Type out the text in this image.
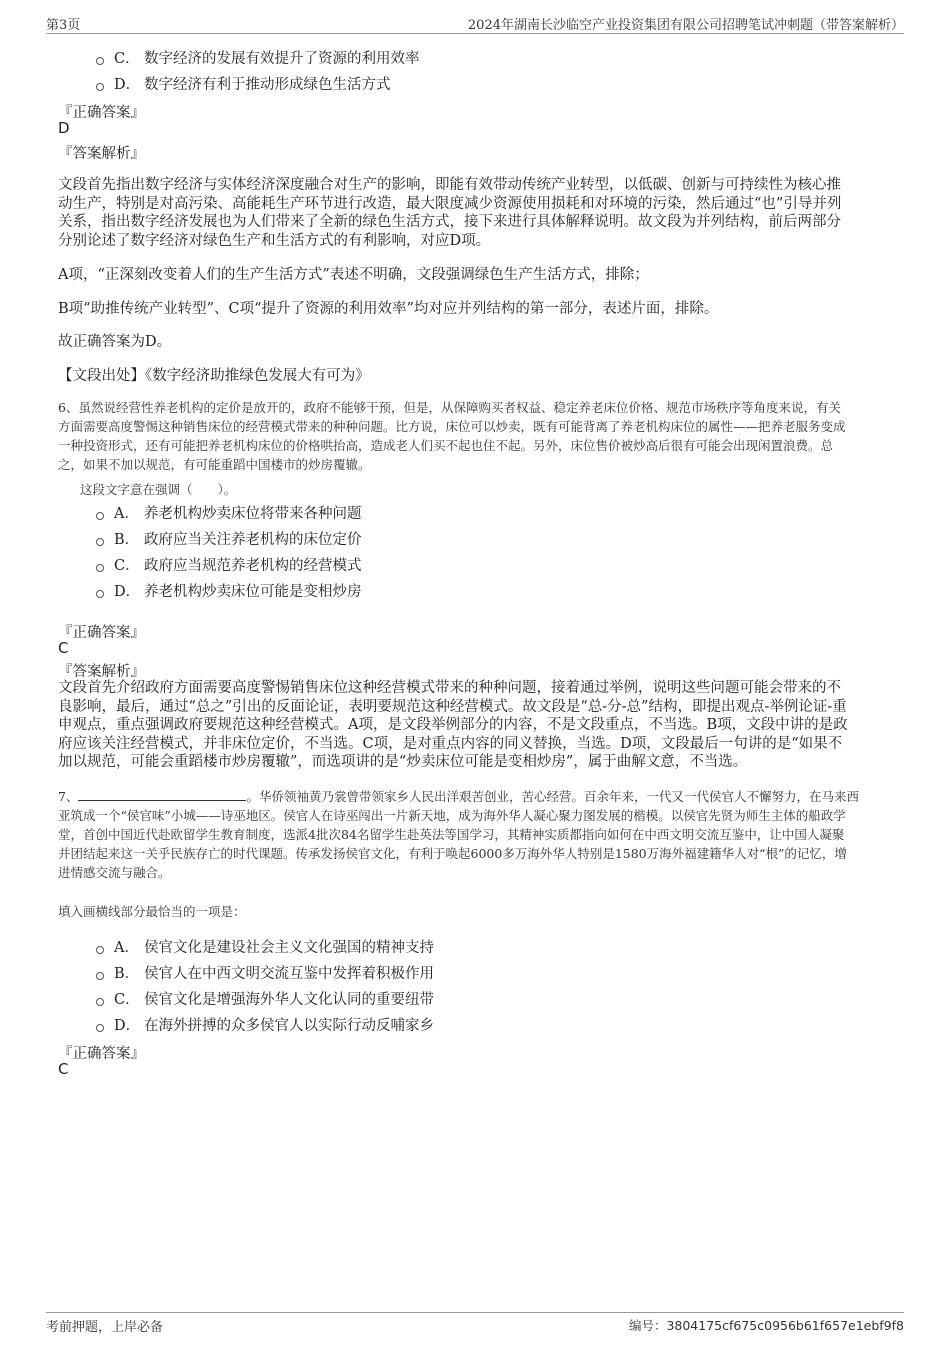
第3页	2024年湖南长沙临空产业投资集团有限公司招聘笔试冲刺题（带答案解析）
C． 数字经济的发展有效提升了资源的利用效率
D． 数字经济有利于推动形成绿色生活方式
『正确答案』
D
『答案解析』
文段首先指出数字经济与实体经济深度融合对生产的影响，即能有效带动传统产业转型，以低碳、创新与可持续性为核心推
动生产，特别是对高污染、高能耗生产环节进行改造，最大限度减少资源使用损耗和对环境的污染，然后通过“也”引导并列
关系，指出数字经济发展也为人们带来了全新的绿色生活方式，接下来进行具体解释说明。故文段为并列结构，前后两部分
分别论述了数字经济对绿色生产和生活方式的有利影响，对应D项。
A项，“正深刻改变着人们的生产生活方式”表述不明确，文段强调绿色生产生活方式，排除；
B项“助推传统产业转型”、C项“提升了资源的利用效率”均对应并列结构的第一部分，表述片面，排除。
故正确答案为D。
【文段出处】《数字经济助推绿色发展大有可为》
6、虽然说经营性养老机构的定价是放开的，政府不能够干预，但是，从保障购买者权益、稳定养老床位价格、规范市场秩序等角度来说，有关
方面需要高度警惕这种销售床位的经营模式带来的种种问题。比方说，床位可以炒卖，既有可能背离了养老机构床位的属性——把养老服务变成
一种投资形式，还有可能把养老机构床位的价格哄抬高，造成老人们买不起也住不起。另外，床位售价被炒高后很有可能会出现闲置浪费。总
之，如果不加以规范，有可能重蹈中国楼市的炒房覆辙。
这段文字意在强调（　　）。
A． 养老机构炒卖床位将带来各种问题
B． 政府应当关注养老机构的床位定价
C． 政府应当规范养老机构的经营模式
D． 养老机构炒卖床位可能是变相炒房
『正确答案』
C
『答案解析』
文段首先介绍政府方面需要高度警惕销售床位这种经营模式带来的种种问题，接着通过举例，说明这些问题可能会带来的不
良影响，最后，通过“总之”引出的反面论证，表明要规范这种经营模式。故文段是“总-分-总”结构，即提出观点-举例论证-重
申观点，重点强调政府要规范这种经营模式。A项，是文段举例部分的内容，不是文段重点，不当选。B项，文段中讲的是政
府应该关注经营模式，并非床位定价，不当选。C项，是对重点内容的同义替换，当选。D项，文段最后一句讲的是“如果不
加以规范，可能会重蹈楼市炒房覆辙”，而选项讲的是“炒卖床位可能是变相炒房”，属于曲解文意，不当选。
7、	。华侨领袖黄乃裳曾带领家乡人民出洋艰苦创业，苦心经营。百余年来，一代又一代侯官人不懈努力，在马来西
亚筑成一个“侯官味”小城——诗巫地区。侯官人在诗巫闯出一片新天地，成为海外华人凝心聚力图发展的楷模。以侯官先贤为师生主体的船政学
堂，首创中国近代赴欧留学生教育制度，选派4批次84名留学生赴英法等国学习，其精神实质都指向如何在中西文明交流互鉴中，让中国人凝聚
并团结起来这一关乎民族存亡的时代课题。传承发扬侯官文化，有利于唤起6000多万海外华人特别是1580万海外福建籍华人对“根”的记忆，增
进情感交流与融合。
填入画横线部分最恰当的一项是：
A． 侯官文化是建设社会主义文化强国的精神支持
B． 侯官人在中西文明交流互鉴中发挥着积极作用
C． 侯官文化是增强海外华人文化认同的重要纽带
D． 在海外拼搏的众多侯官人以实际行动反哺家乡
『正确答案』
C
考前押题，上岸必备	编号：3804175cf675c0956b61f657e1ebf9f8
